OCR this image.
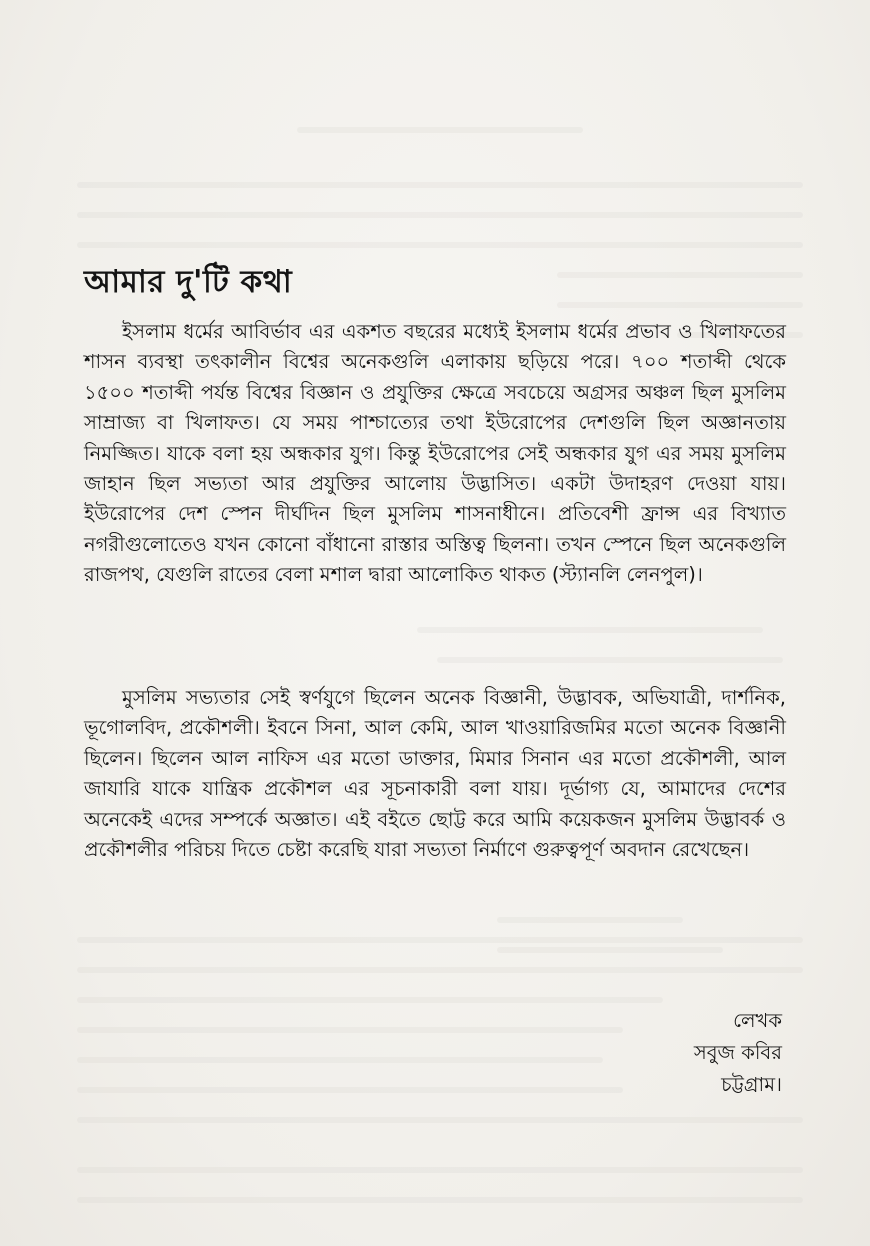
আমার দু'টি কথা

ইসলাম ধর্মের আবির্ভাব এর একশত বছরের মধ্যেই ইসলাম ধর্মের প্রভাব ও খিলাফতের শাসন ব্যবস্থা তৎকালীন বিশ্বের অনেকগুলি এলাকায় ছড়িয়ে পরে। ৭০০ শতাব্দী থেকে ১৫০০ শতাব্দী পর্যন্ত বিশ্বের বিজ্ঞান ও প্রযুক্তির ক্ষেত্রে সবচেয়ে অগ্রসর অঞ্চল ছিল মুসলিম সাম্রাজ্য বা খিলাফত। যে সময় পাশ্চাত্যের তথা ইউরোপের দেশগুলি ছিল অজ্ঞানতায় নিমজ্জিত। যাকে বলা হয় অন্ধকার যুগ। কিন্তু ইউরোপের সেই অন্ধকার যুগ এর সময় মুসলিম জাহান ছিল সভ্যতা আর প্রযুক্তির আলোয় উদ্ভাসিত। একটা উদাহরণ দেওয়া যায়। ইউরোপের দেশ স্পেন দীর্ঘদিন ছিল মুসলিম শাসনাধীনে। প্রতিবেশী ফ্রান্স এর বিখ্যাত নগরীগুলোতেও যখন কোনো বাঁধানো রাস্তার অস্তিত্ব ছিলনা। তখন স্পেনে ছিল অনেকগুলি রাজপথ, যেগুলি রাতের বেলা মশাল দ্বারা আলোকিত থাকত (স্ট্যানলি লেনপুল)।

মুসলিম সভ্যতার সেই স্বর্ণযুগে ছিলেন অনেক বিজ্ঞানী, উদ্ভাবক, অভিযাত্রী, দার্শনিক, ভূগোলবিদ, প্রকৌশলী। ইবনে সিনা, আল কেমি, আল খাওয়ারিজমির মতো অনেক বিজ্ঞানী ছিলেন। ছিলেন আল নাফিস এর মতো ডাক্তার, মিমার সিনান এর মতো প্রকৌশলী, আল জাযারি যাকে যান্ত্রিক প্রকৌশল এর সূচনাকারী বলা যায়। দূর্ভাগ্য যে, আমাদের দেশের অনেকেই এদের সম্পর্কে অজ্ঞাত। এই বইতে ছোট্ট করে আমি কয়েকজন মুসলিম উদ্ভাবর্ক ও প্রকৌশলীর পরিচয় দিতে চেষ্টা করেছি যারা সভ্যতা নির্মাণে গুরুত্বপূর্ণ অবদান রেখেছেন।

লেখক
সবুজ কবির
চট্টগ্রাম।
